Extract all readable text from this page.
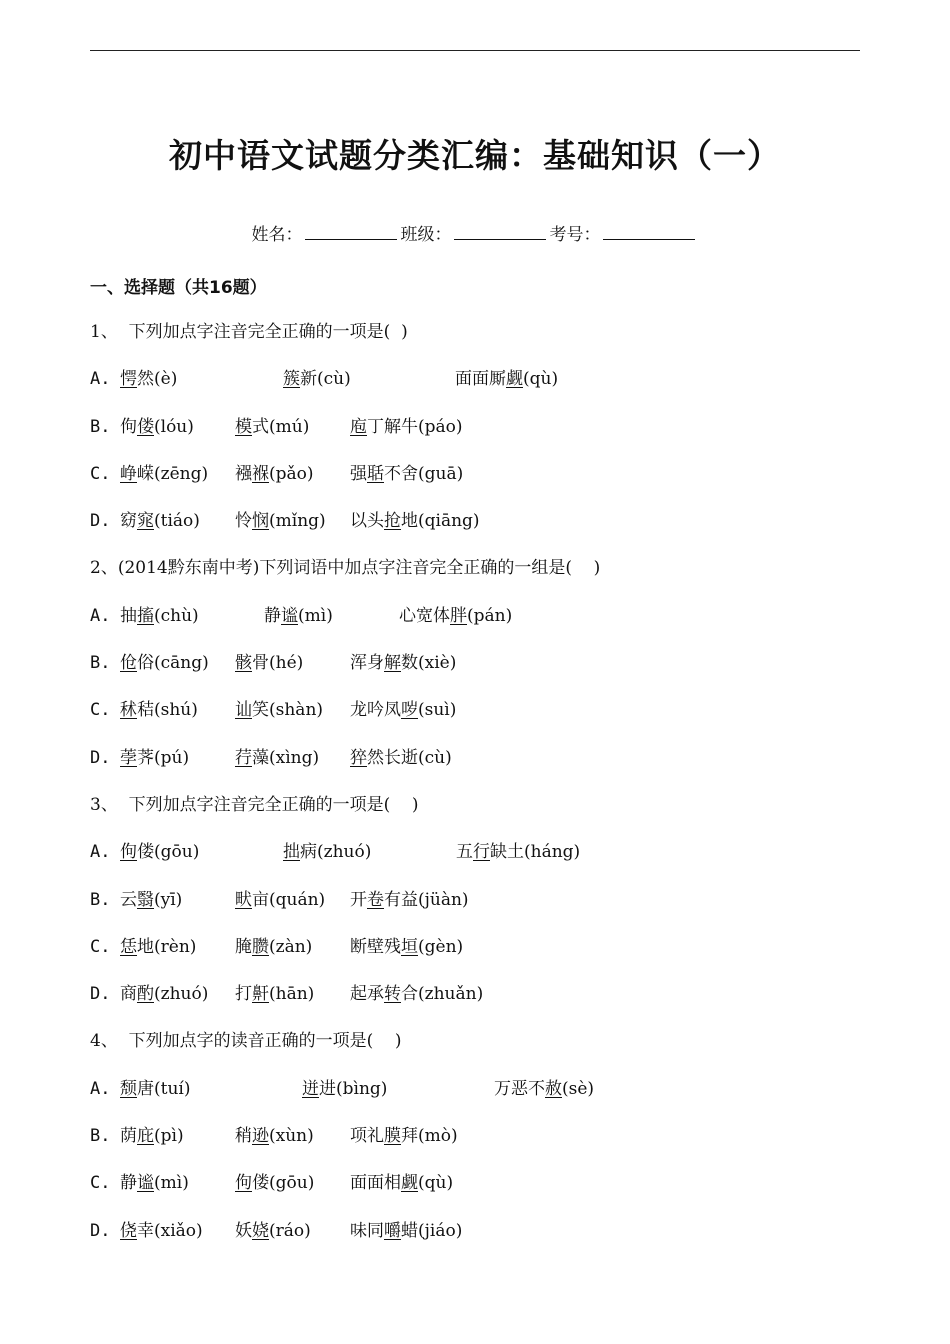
初中语文试题分类汇编：基础知识（一）
姓名：	班级：	考号：
一、选择题（共16题）
1、  下列加点字注音完全正确的一项是(  )
A. 愕然(è)	簇新(cù)	面面厮觑(qù)
B. 佝偻(lóu) 模式(mú) 庖丁解牛(páo)
C. 峥嵘(zēng) 襁褓(pǎo) 强聒不舍(guā)
D. 窈窕(tiáo) 怜悯(mǐng) 以头抢地(qiāng)
2、(2014黔东南中考)下列词语中加点字注音完全正确的一组是(    )
A. 抽搐(chù)	静谧(mì)	心宽体胖(pán)
B. 伧俗(cāng) 骸骨(hé)	浑身解数(xiè)
C. 秫秸(shú) 讪笑(shàn) 龙吟凤哕(suì)
D. 荸荠(pú)	荇藻(xìng) 猝然长逝(cù)
3、  下列加点字注音完全正确的一项是(    )
A. 佝偻(gōu)	拙病(zhuó)	五行缺土(háng)
B. 云翳(yī)	畎亩(quán) 开卷有益(jüàn)
C. 恁地(rèn) 腌臜(zàn) 断壁残垣(gèn)
D. 商酌(zhuó) 打鼾(hān) 起承转合(zhuǎn)
4、  下列加点字的读音正确的一项是(    )
A. 颓唐(tuí)	迸进(bìng)	万恶不赦(sè)
B. 荫庇(pì)	稍逊(xùn) 项礼膜拜(mò)
C. 静谧(mì)	佝偻(gōu) 面面相觑(qù)
D. 侥幸(xiǎo) 妖娆(ráo) 味同嚼蜡(jiáo)
